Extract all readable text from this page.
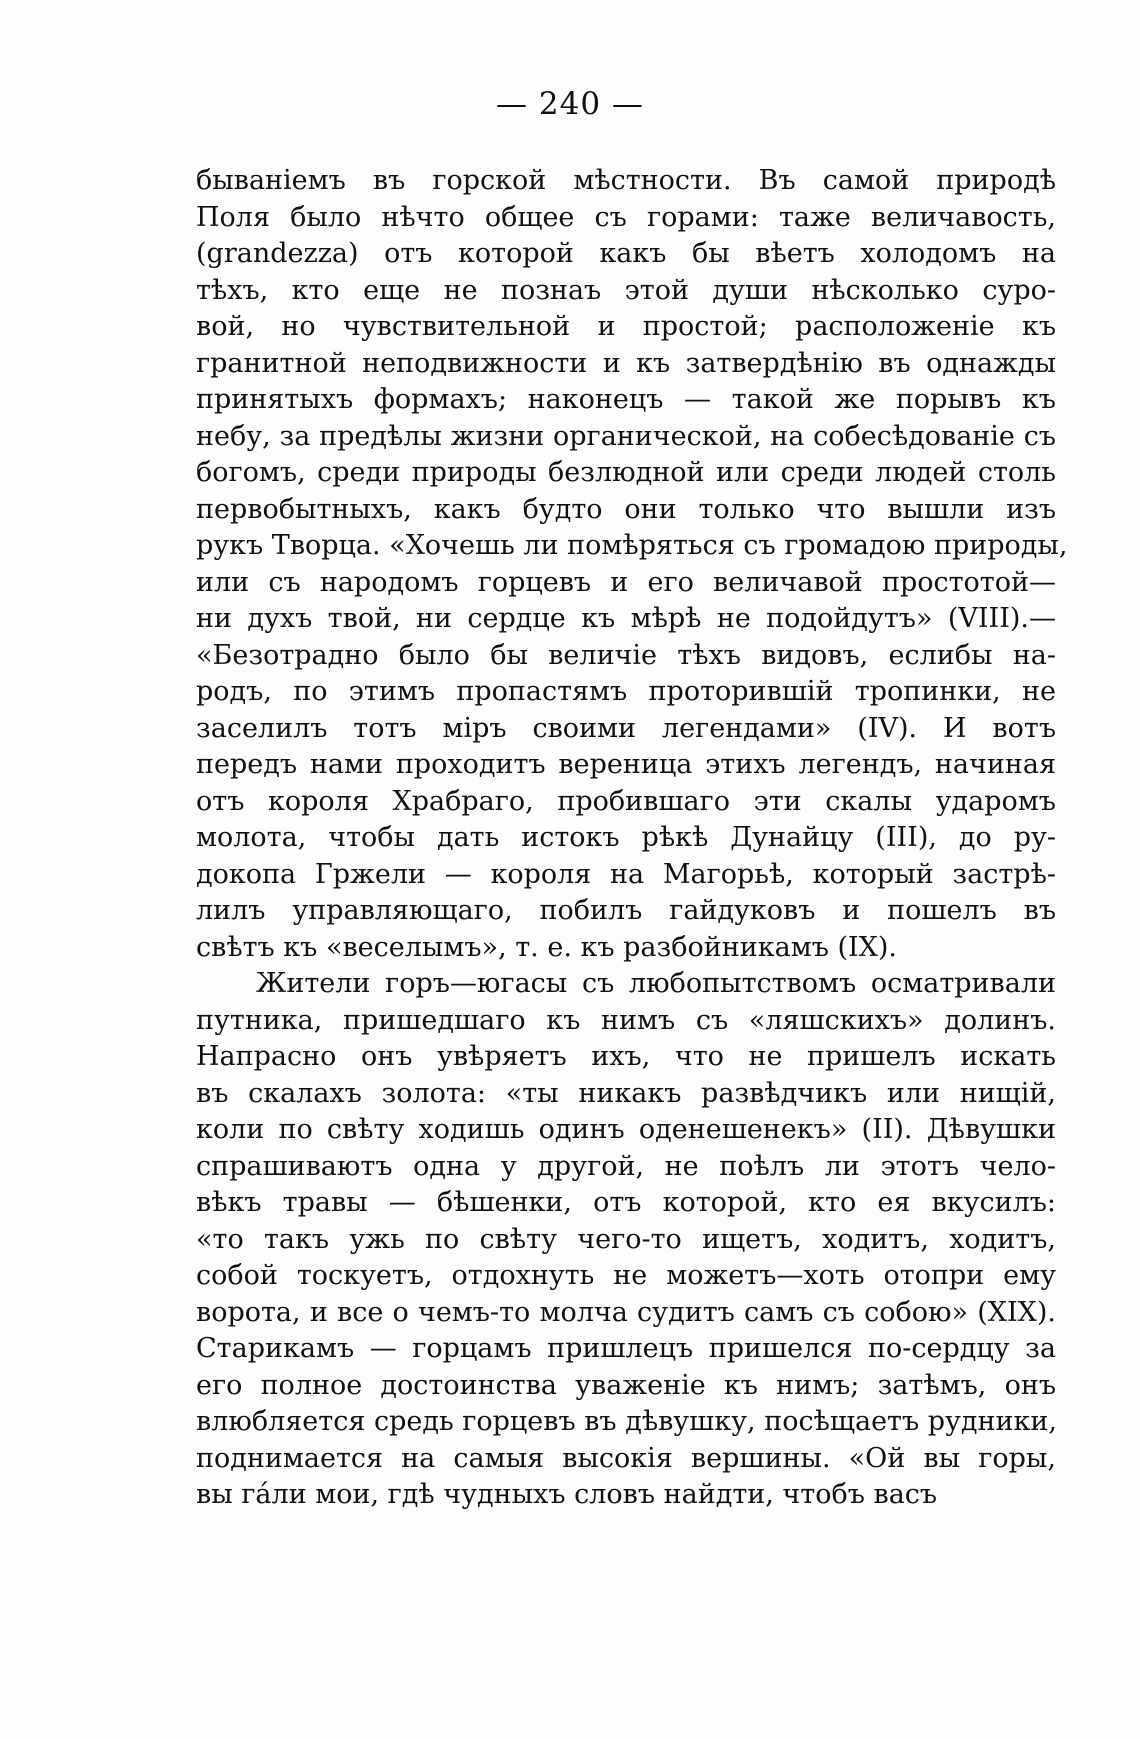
— 240 —
бываніемъ въ горской мѣстности. Въ самой природѣ
Поля было нѣчто общее съ горами: таже величавость,
(grandezza) отъ которой какъ бы вѣетъ холодомъ на
тѣхъ, кто еще не познаъ этой души нѣсколько суро-
вой, но чувствительной и простой; расположеніе къ
гранитной неподвижности и къ затвердѣнію въ однажды
принятыхъ формахъ; наконецъ — такой же порывъ къ
небу, за предѣлы жизни органической, на собесѣдованіе съ
богомъ, среди природы безлюдной или среди людей столь
первобытныхъ, какъ будто они только что вышли изъ
рукъ Творца. «Хочешь ли помѣряться съ громадою природы,
или съ народомъ горцевъ и его величавой простотой—
ни духъ твой, ни сердце къ мѣрѣ не подойдутъ» (VIII).—
«Безотрадно было бы величіе тѣхъ видовъ, еслибы на-
родъ, по этимъ пропастямъ проторившій тропинки, не
заселилъ тотъ міръ своими легендами» (IV). И вотъ
передъ нами проходитъ вереница этихъ легендъ, начиная
отъ короля Храбраго, пробившаго эти скалы ударомъ
молота, чтобы дать истокъ рѣкѣ Дунайцу (III), до ру-
докопа Гржели — короля на Магорьѣ, который застрѣ-
лилъ управляющаго, побилъ гайдуковъ и пошелъ въ
свѣтъ къ «веселымъ», т. е. къ разбойникамъ (IX).
Жители горъ—югасы съ любопытствомъ осматривали
путника, пришедшаго къ нимъ съ «ляшскихъ» долинъ.
Напрасно онъ увѣряетъ ихъ, что не пришелъ искать
въ скалахъ золота: «ты никакъ развѣдчикъ или нищій,
коли по свѣту ходишь одинъ оденешенекъ» (II). Дѣвушки
спрашиваютъ одна у другой, не поѣлъ ли этотъ чело-
вѣкъ травы — бѣшенки, отъ которой, кто ея вкусилъ:
«то такъ ужь по свѣту чего-то ищетъ, ходитъ, ходитъ,
собой тоскуетъ, отдохнуть не можетъ—хоть отопри ему
ворота, и все о чемъ-то молча судитъ самъ съ собою» (XIX).
Старикамъ — горцамъ пришлецъ пришелся по-сердцу за
его полное достоинства уваженіе къ нимъ; затѣмъ, онъ
влюбляется средь горцевъ въ дѣвушку, посѣщаетъ рудники,
поднимается на самыя высокія вершины. «Ой вы горы,
вы гáли мои, гдѣ чудныхъ словъ найдти, чтобъ васъ
